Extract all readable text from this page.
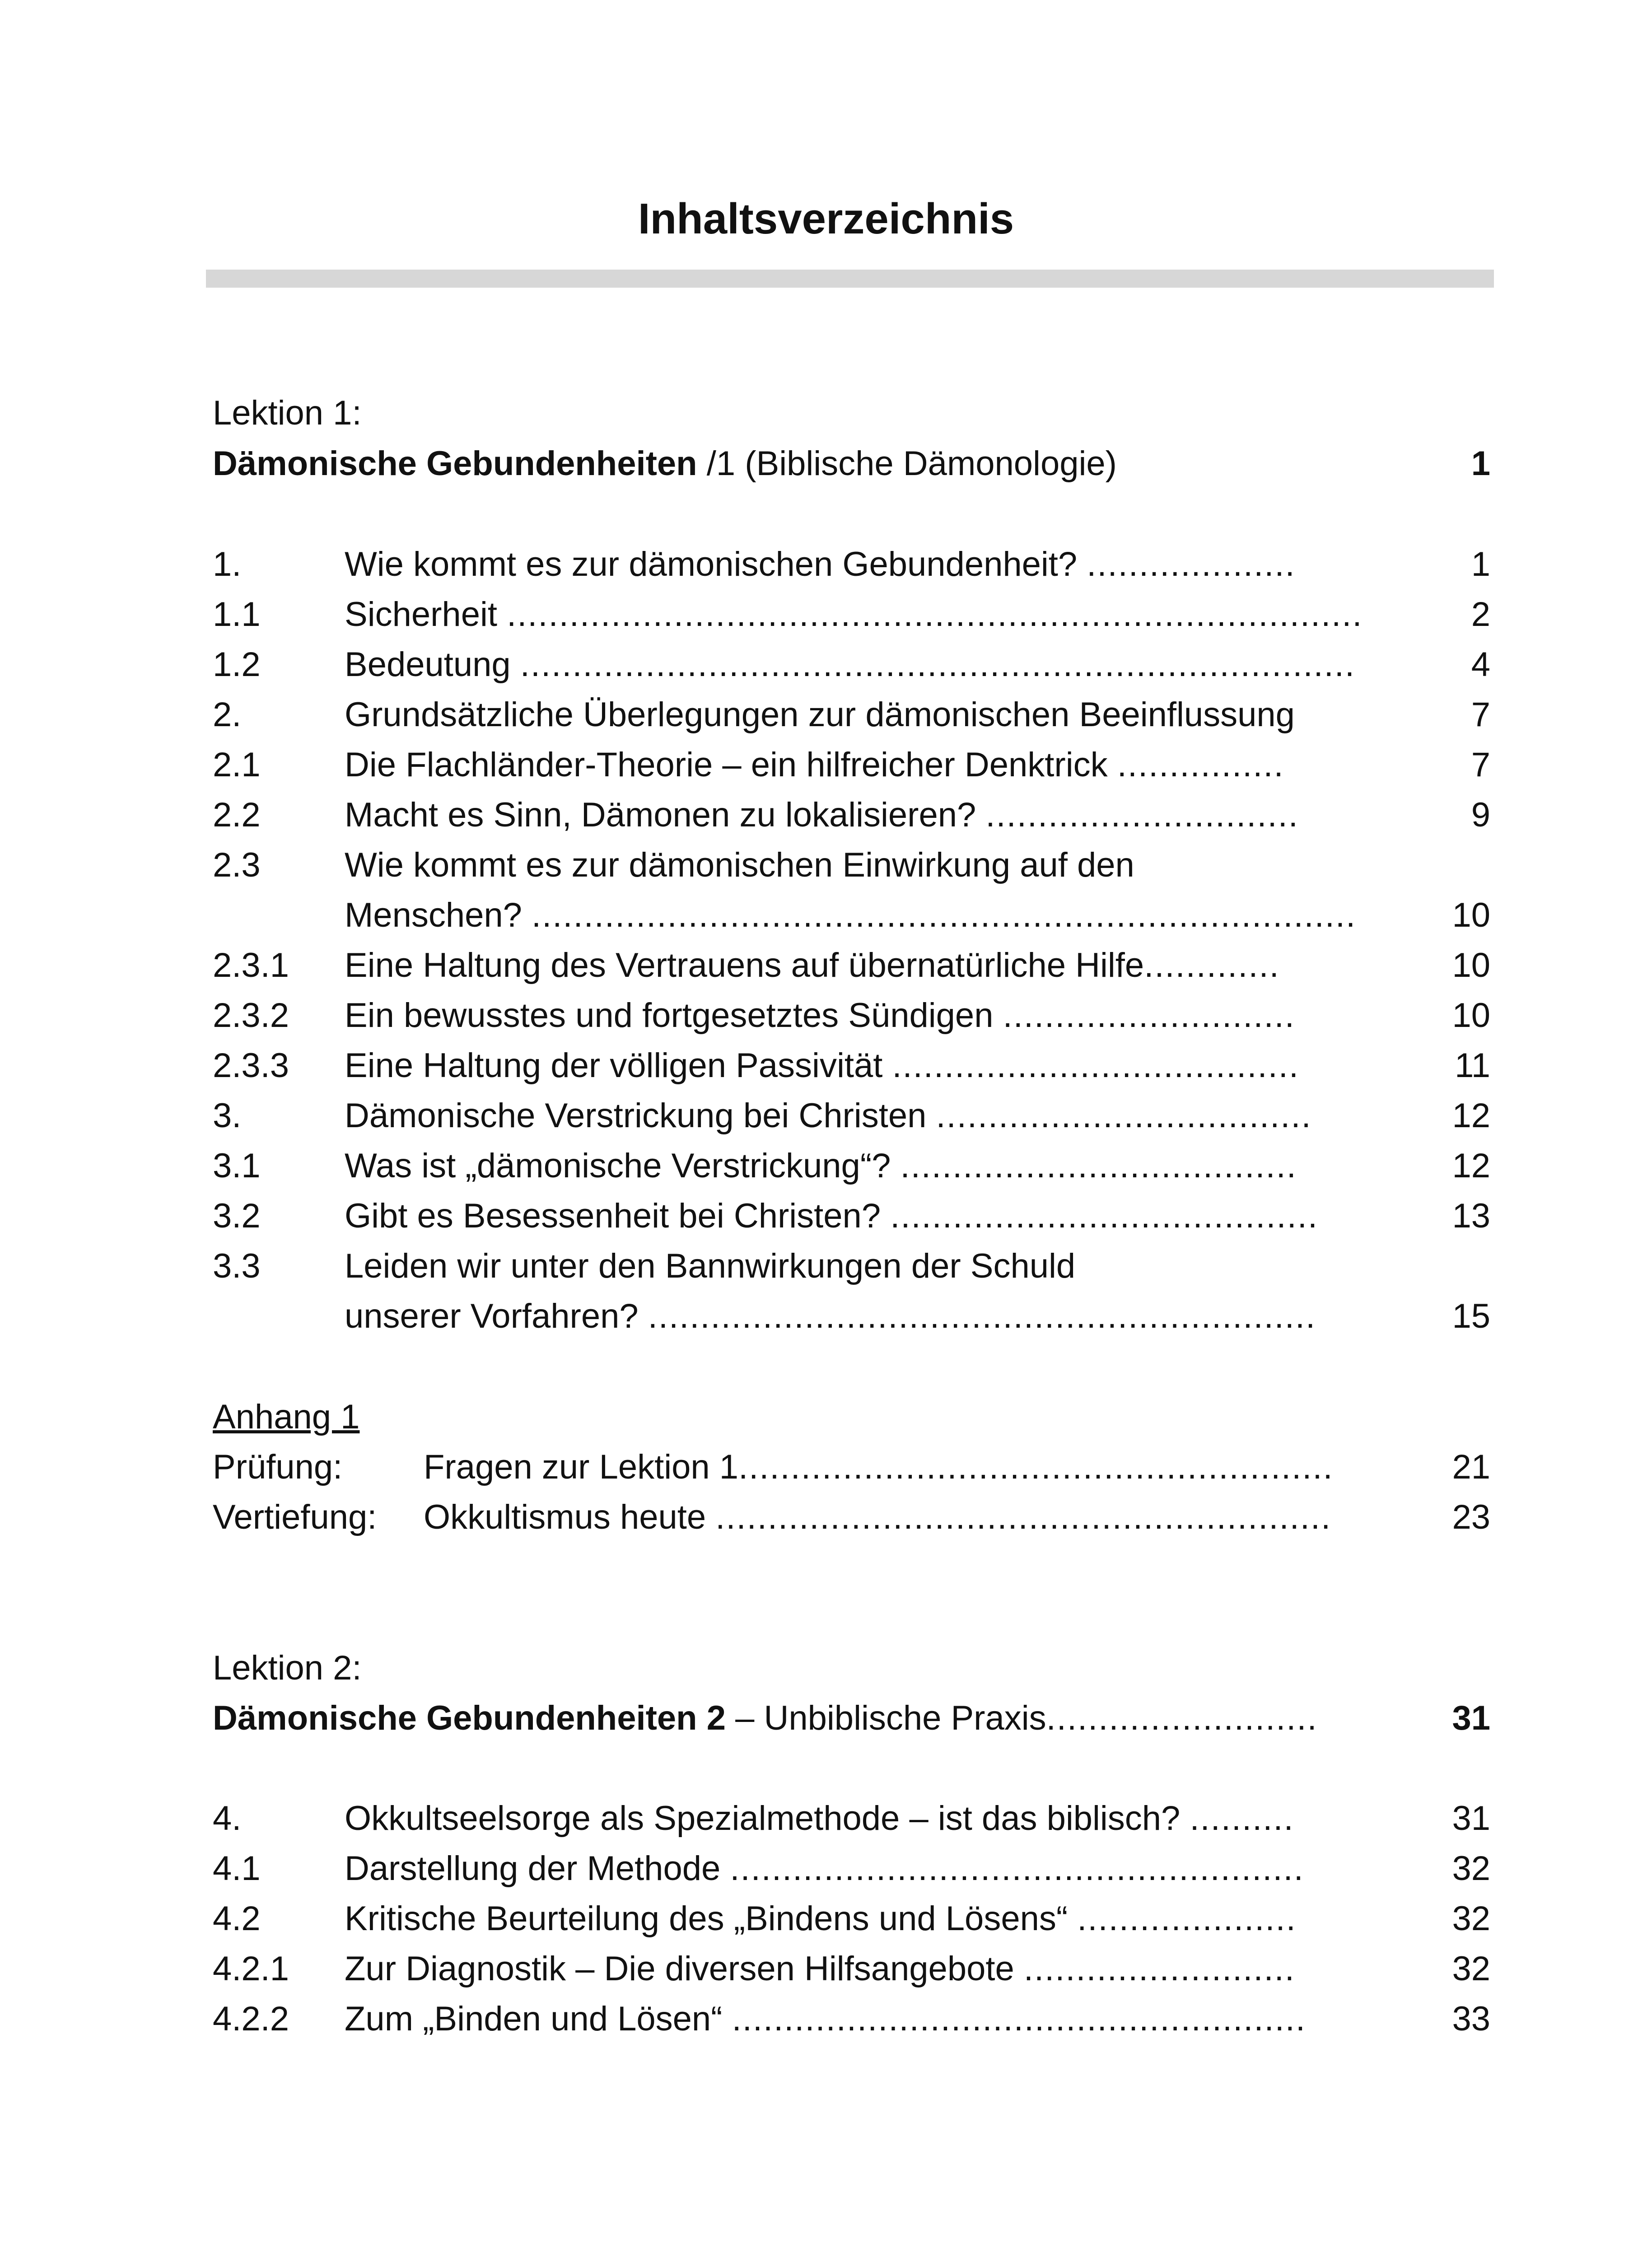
Inhaltsverzeichnis
Lektion 1:
Dämonische Gebundenheiten /1 (Biblische Dämonologie)	1
1.	Wie kommt es zur dämonischen Gebundenheit? ....................	1
1.1 Sicherheit ..................................................................................	2
1.2 Bedeutung ................................................................................	4
2.	Grundsätzliche Überlegungen zur dämonischen Beeinflussung	7
2.1 Die Flachländer-Theorie – ein hilfreicher Denktrick ................	7
2.2 Macht es Sinn, Dämonen zu lokalisieren? ..............................	9
2.3 Wie kommt es zur dämonischen Einwirkung auf den
Menschen? ...............................................................................	10
2.3.1 Eine Haltung des Vertrauens auf übernatürliche Hilfe.............	10
2.3.2 Ein bewusstes und fortgesetztes Sündigen ............................	10
2.3.3 Eine Haltung der völligen Passivität .......................................	11
3.	Dämonische Verstrickung bei Christen ....................................	12
3.1 Was ist „dämonische Verstrickung“? ......................................	12
3.2 Gibt es Besessenheit bei Christen? .........................................	13
3.3 Leiden wir unter den Bannwirkungen der Schuld
unserer Vorfahren? ................................................................	15
Anhang 1
Prüfung: Fragen zur Lektion 1.........................................................	21
Vertiefung: Okkultismus heute ...........................................................	23
Lektion 2:
Dämonische Gebundenheiten 2 – Unbiblische Praxis..........................	31
4.	Okkultseelsorge als Spezialmethode – ist das biblisch? ..........	31
4.1 Darstellung der Methode .......................................................	32
4.2 Kritische Beurteilung des „Bindens und Lösens“ .....................	32
4.2.1 Zur Diagnostik – Die diversen Hilfsangebote ..........................	32
4.2.2 Zum „Binden und Lösen“ .......................................................	33
